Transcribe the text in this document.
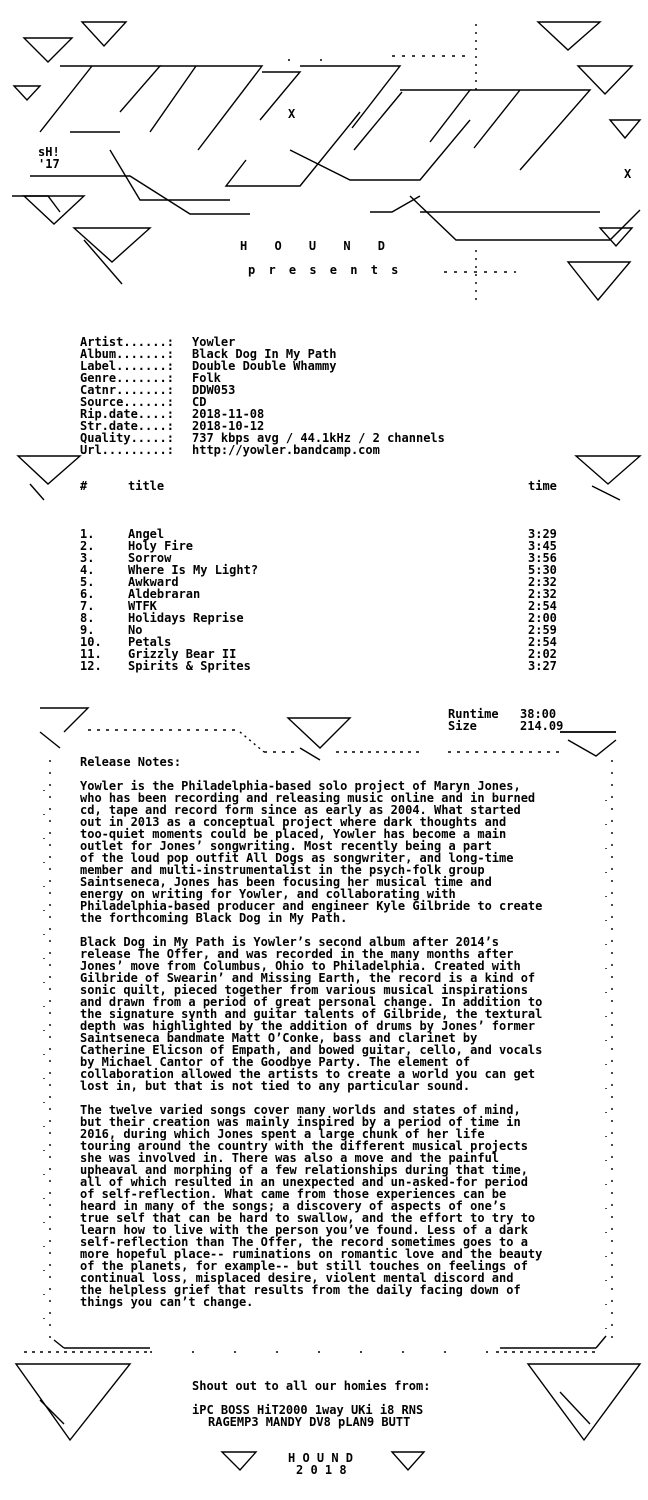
sH!
'17
X
X
H O U N D
p r e s e n t s

Artist......:	Yowler
Album.......:	Black Dog In My Path
Label.......:	Double Double Whammy
Genre.......:	Folk
Catnr.......:	DDW053
Source......:	CD
Rip.date....:	2018-11-08
Str.date....:	2018-10-12
Quality.....:	737 kbps avg / 44.1kHz / 2 channels
Url.........:	http://yowler.bandcamp.com

#	title	time
1.	Angel	3:29
2.	Holy Fire	3:45
3.	Sorrow	3:56
4.	Where Is My Light?	5:30
5.	Awkward	2:32
6.	Aldebraran	2:32
7.	WTFK	2:54
8.	Holidays Reprise	2:00
9.	No	2:59
10. Petals	2:54
11. Grizzly Bear II	2:02
12. Spirits & Sprites	3:27
Runtime 38:00
Size	214.09
Release Notes:
Yowler is the Philadelphia-based solo project of Maryn Jones,
who has been recording and releasing music online and in burned
cd, tape and record form since as early as 2004. What started
out in 2013 as a conceptual project where dark thoughts and
too-quiet moments could be placed, Yowler has become a main
outlet for Jones’ songwriting. Most recently being a part
of the loud pop outfit All Dogs as songwriter, and long-time
member and multi-instrumentalist in the psych-folk group
Saintseneca, Jones has been focusing her musical time and
energy on writing for Yowler, and collaborating with
Philadelphia-based producer and engineer Kyle Gilbride to create
the forthcoming Black Dog in My Path.
Black Dog in My Path is Yowler’s second album after 2014’s
release The Offer, and was recorded in the many months after
Jones’ move from Columbus, Ohio to Philadelphia. Created with
Gilbride of Swearin’ and Missing Earth, the record is a kind of
sonic quilt, pieced together from various musical inspirations
and drawn from a period of great personal change. In addition to
the signature synth and guitar talents of Gilbride, the textural
depth was highlighted by the addition of drums by Jones’ former
Saintseneca bandmate Matt O’Conke, bass and clarinet by
Catherine Elicson of Empath, and bowed guitar, cello, and vocals
by Michael Cantor of the Goodbye Party. The element of
collaboration allowed the artists to create a world you can get
lost in, but that is not tied to any particular sound.
The twelve varied songs cover many worlds and states of mind,
but their creation was mainly inspired by a period of time in
2016, during which Jones spent a large chunk of her life
touring around the country with the different musical projects
she was involved in. There was also a move and the painful
upheaval and morphing of a few relationships during that time,
all of which resulted in an unexpected and un-asked-for period
of self-reflection. What came from those experiences can be
heard in many of the songs; a discovery of aspects of one’s
true self that can be hard to swallow, and the effort to try to
learn how to live with the person you’ve found. Less of a dark
self-reflection than The Offer, the record sometimes goes to a
more hopeful place-- ruminations on romantic love and the beauty
of the planets, for example-- but still touches on feelings of
continual loss, misplaced desire, violent mental discord and
the helpless grief that results from the daily facing down of
things you can’t change.
Shout out to all our homies from:
iPC BOSS HiT2000 1way UKi i8 RNS
RAGEMP3 MANDY DV8 pLAN9 BUTT
H O U N D
2 0 1 8
